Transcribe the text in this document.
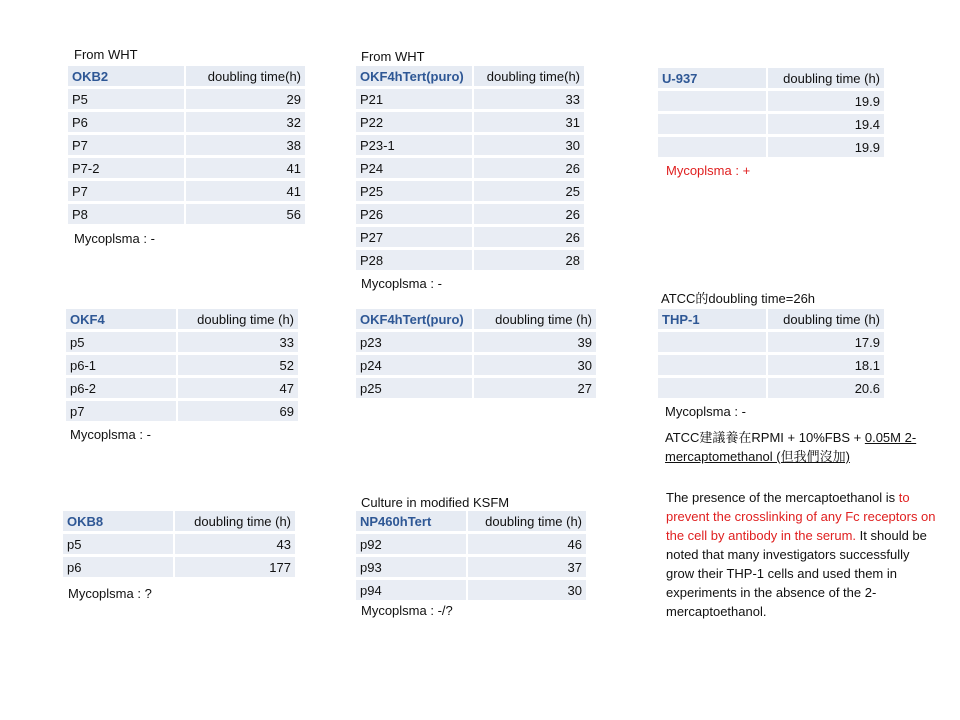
From WHT
OKB2	doubling time(h)
P5	29
P6	32
P7	38
P7-2	41
P7	41
P8	56
Mycoplsma : -
From WHT
OKF4hTert(puro)	doubling time(h)
P21	33
P22	31
P23-1	30
P24	26
P25	25
P26	26
P27	26
P28	28
Mycoplsma : -
U-937	doubling time (h)
	19.9
	19.4
	19.9
Mycoplsma : +
OKF4	doubling time (h)
p5	33
p6-1	52
p6-2	47
p7	69
Mycoplsma : -
OKF4hTert(puro)	doubling time (h)
p23	39
p24	30
p25	27
ATCC的doubling time=26h
THP-1	doubling time (h)
	17.9
	18.1
	20.6
Mycoplsma : -
ATCC建議養在RPMI + 10%FBS + 0.05M 2-
mercaptomethanol (但我們沒加)
The presence of the mercaptoethanol is to prevent the crosslinking of any Fc receptors on the cell by antibody in the serum. It should be noted that many investigators successfully grow their THP-1 cells and used them in experiments in the absence of the 2-mercaptoethanol.
OKB8	doubling time (h)
p5	43
p6	177
Mycoplsma : ?
Culture in modified KSFM
NP460hTert	doubling time (h)
p92	46
p93	37
p94	30
Mycoplsma : -/?
